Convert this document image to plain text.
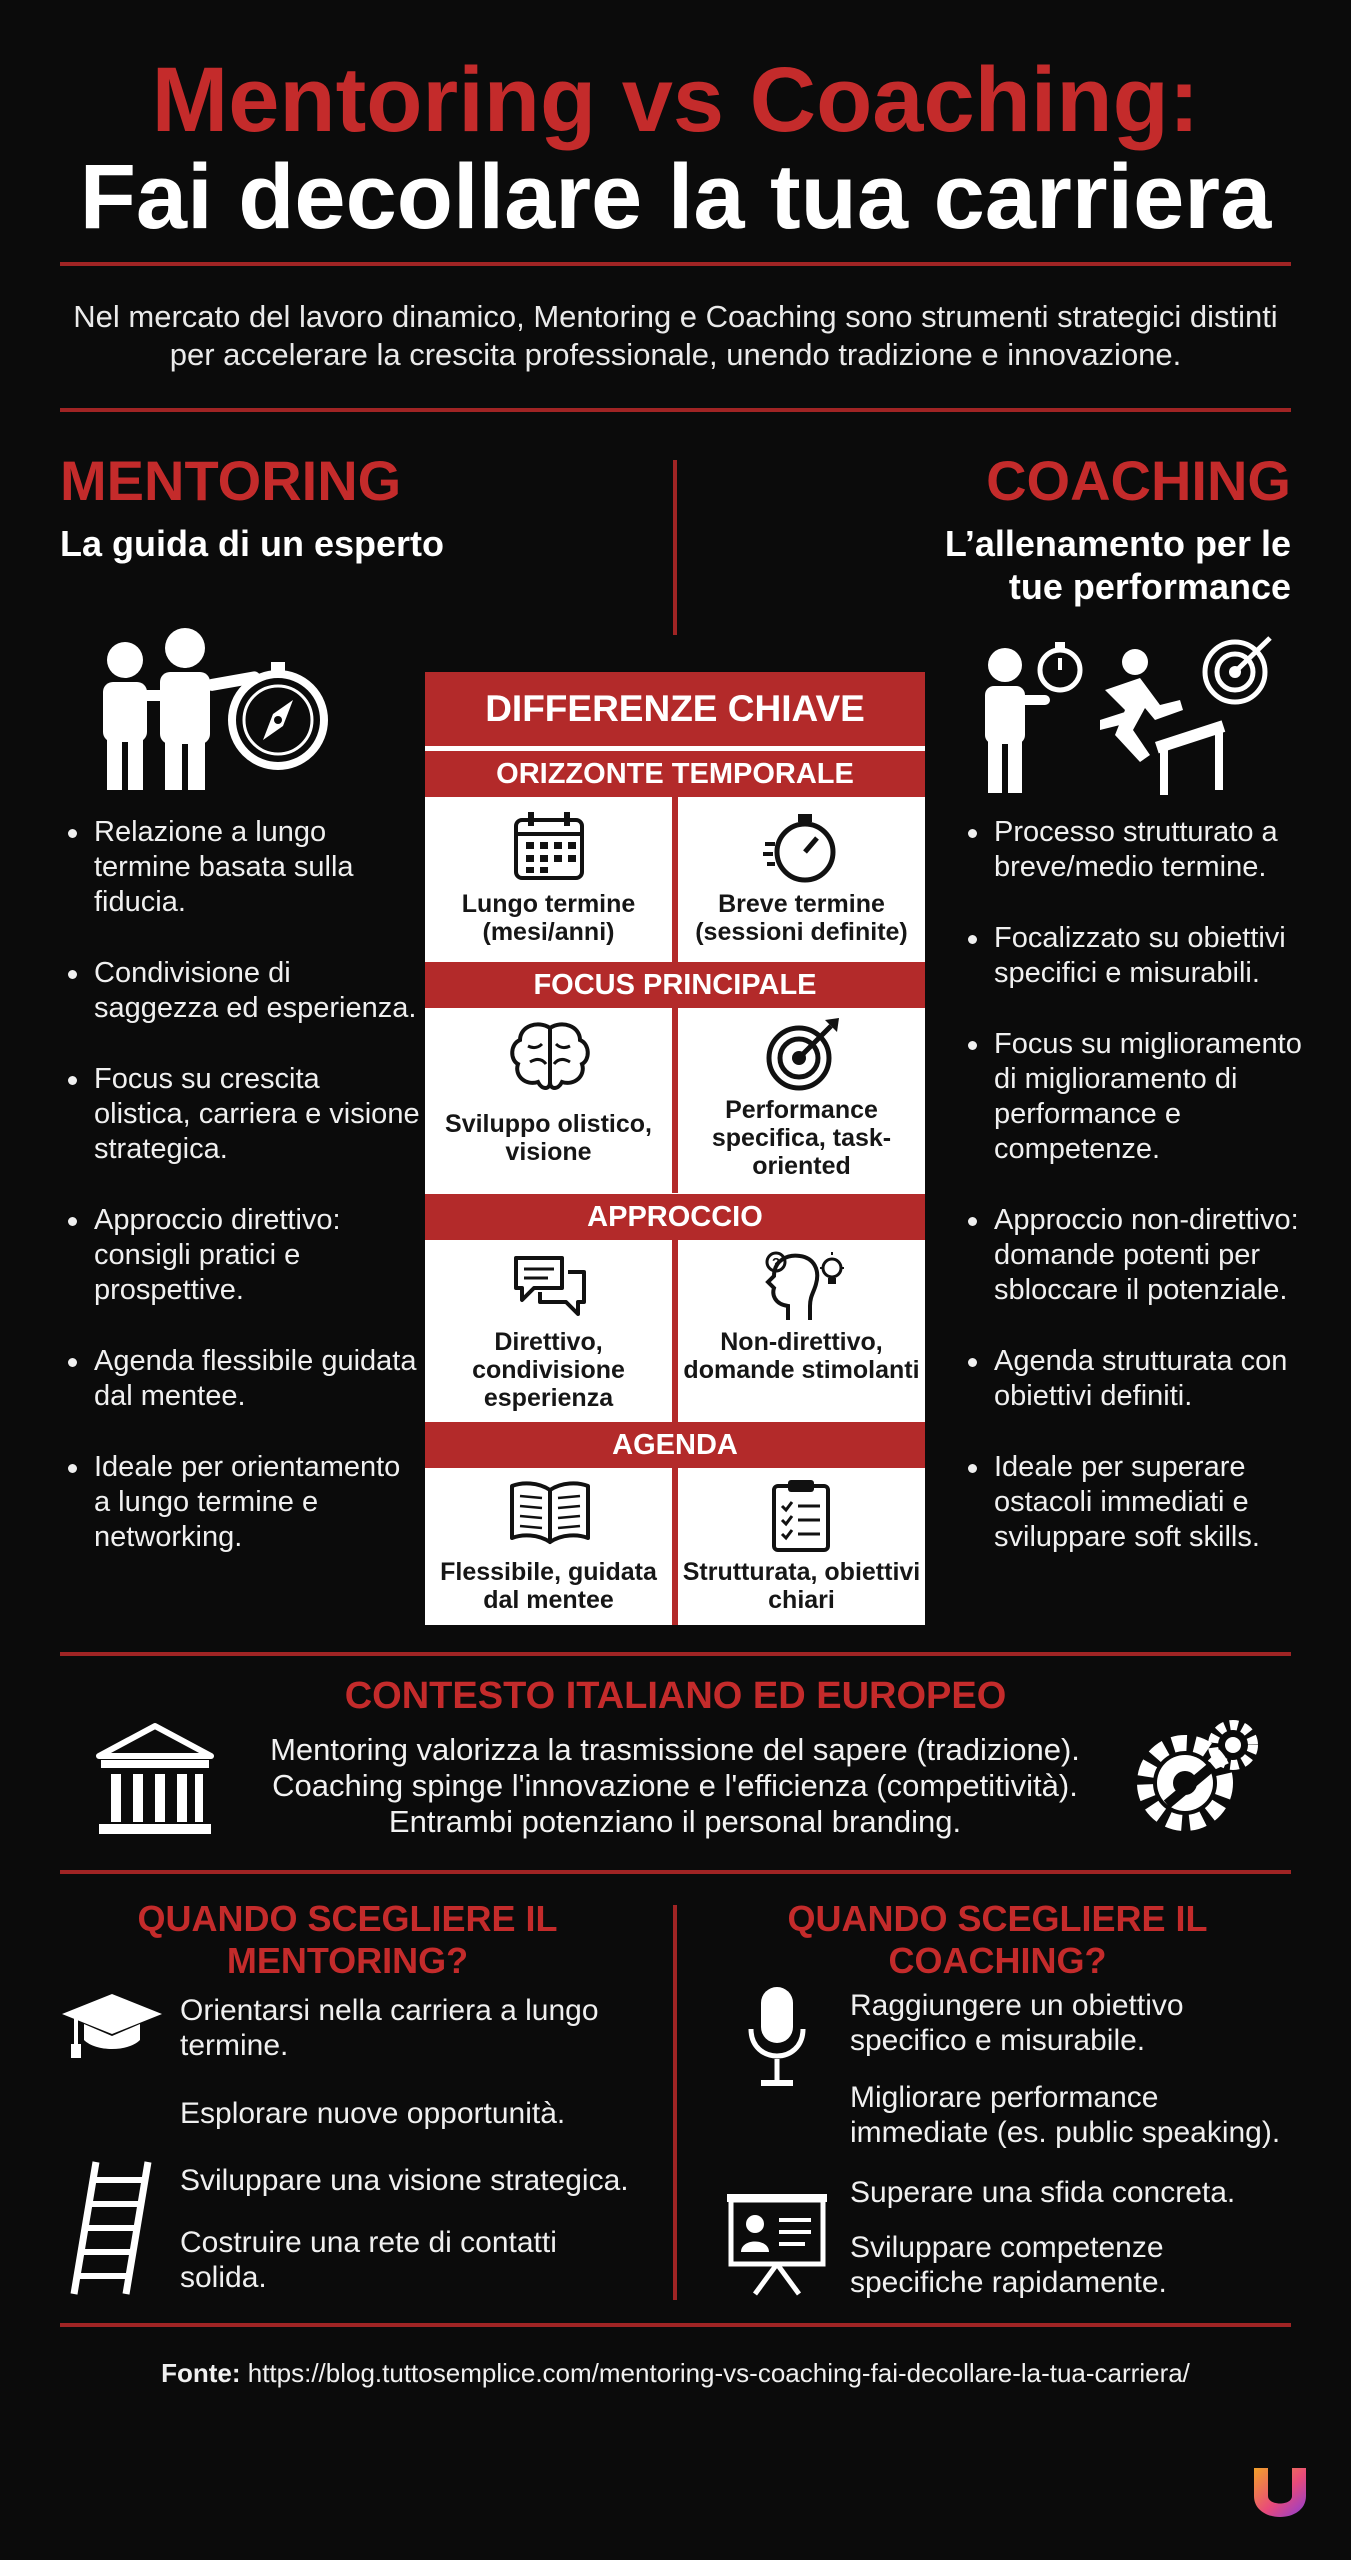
Mentoring vs Coaching:
Fai decollare la tua carriera
Nel mercato del lavoro dinamico, Mentoring e Coaching sono strumenti strategici distinti per accelerare la crescita professionale, unendo tradizione e innovazione.
MENTORING
La guida di un esperto
COACHING
L’allenamento per le
tue performance
Relazione a lungo termine basata sulla fiducia.
Condivisione di saggezza ed esperienza.
Focus su crescita olistica, carriera e visione strategica.
Approccio direttivo: consigli pratici e prospettive.
Agenda flessibile guidata dal mentee.
Ideale per orientamento a lungo termine e networking.
Processo strutturato a breve/medio termine.
Focalizzato su obiettivi specifici e misurabili.
Focus su miglioramento di miglioramento di performance e competenze.
Approccio non-direttivo: domande potenti per sbloccare il potenziale.
Agenda strutturata con obiettivi definiti.
Ideale per superare ostacoli immediati e sviluppare soft skills.
DIFFERENZE CHIAVE
ORIZZONTE TEMPORALE
Lungo termine (mesi/anni)
Breve termine (sessioni definite)
FOCUS PRINCIPALE
Sviluppo olistico, visione
Performance specifica, task-oriented
APPROCCIO
?
Direttivo, condivisione esperienza
Non-direttivo, domande stimolanti
AGENDA
Flessibile, guidata dal mentee
Strutturata, obiettivi chiari
CONTESTO ITALIANO ED EUROPEO
Mentoring valorizza la trasmissione del sapere (tradizione).
Coaching spinge l'innovazione e l'efficienza (competitività).
Entrambi potenziano il personal branding.
QUANDO SCEGLIERE IL
MENTORING?
QUANDO SCEGLIERE IL
COACHING?
Orientarsi nella carriera a lungo termine.
Esplorare nuove opportunità.
Sviluppare una visione strategica.
Costruire una rete di contatti solida.
Raggiungere un obiettivo specifico e misurabile.
Migliorare performance immediate (es. public speaking).
Superare una sfida concreta.
Sviluppare competenze specifiche rapidamente.
Fonte: https://blog.tuttosemplice.com/mentoring-vs-coaching-fai-decollare-la-tua-carriera/
